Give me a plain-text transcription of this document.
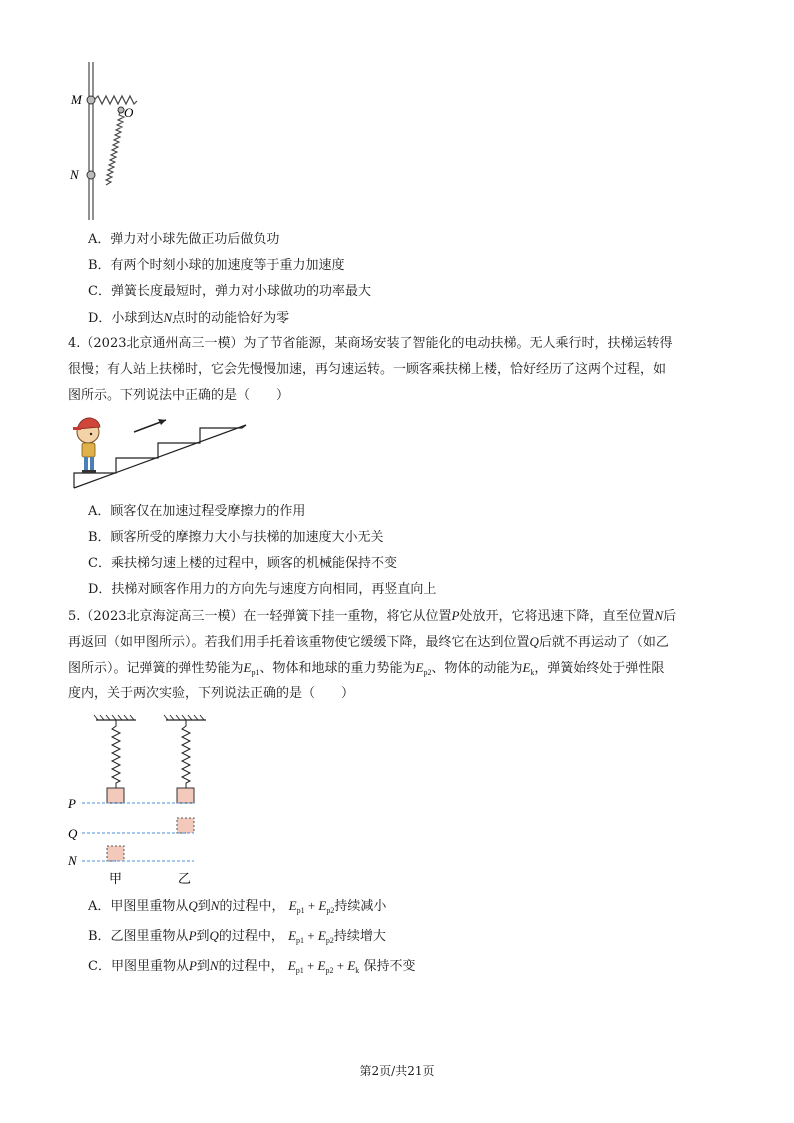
M
O
N
A．弹力对小球先做正功后做负功
B．有两个时刻小球的加速度等于重力加速度
C．弹簧长度最短时，弹力对小球做功的功率最大
D．小球到达N点时的动能恰好为零
4.（2023北京通州高三一模）为了节省能源，某商场安装了智能化的电动扶梯。无人乘行时，扶梯运转得
很慢；有人站上扶梯时，它会先慢慢加速，再匀速运转。一顾客乘扶梯上楼，恰好经历了这两个过程，如
图所示。下列说法中正确的是（　　）
A．顾客仅在加速过程受摩擦力的作用
B．顾客所受的摩擦力大小与扶梯的加速度大小无关
C．乘扶梯匀速上楼的过程中，顾客的机械能保持不变
D．扶梯对顾客作用力的方向先与速度方向相同，再竖直向上
5.（2023北京海淀高三一模）在一轻弹簧下挂一重物，将它从位置P处放开，它将迅速下降，直至位置N后
再返回（如甲图所示）。若我们用手托着该重物使它缓缓下降，最终它在达到位置Q后就不再运动了（如乙
图所示）。记弹簧的弹性势能为$E_{p1}$、物体和地球的重力势能为$E_{p2}$、物体的动能为$E_k$，弹簧始终处于弹性限
度内，关于两次实验，下列说法正确的是（　　）
P
Q
N
甲	乙
A．甲图里重物从Q到N的过程中， $E_{p1} + E_{p2}$持续减小
B．乙图里重物从P到Q的过程中， $E_{p1} + E_{p2}$持续增大
C．甲图里重物从P到N的过程中， $E_{p1} + E_{p2} + E_k$ 保持不变
第2页/共21页
